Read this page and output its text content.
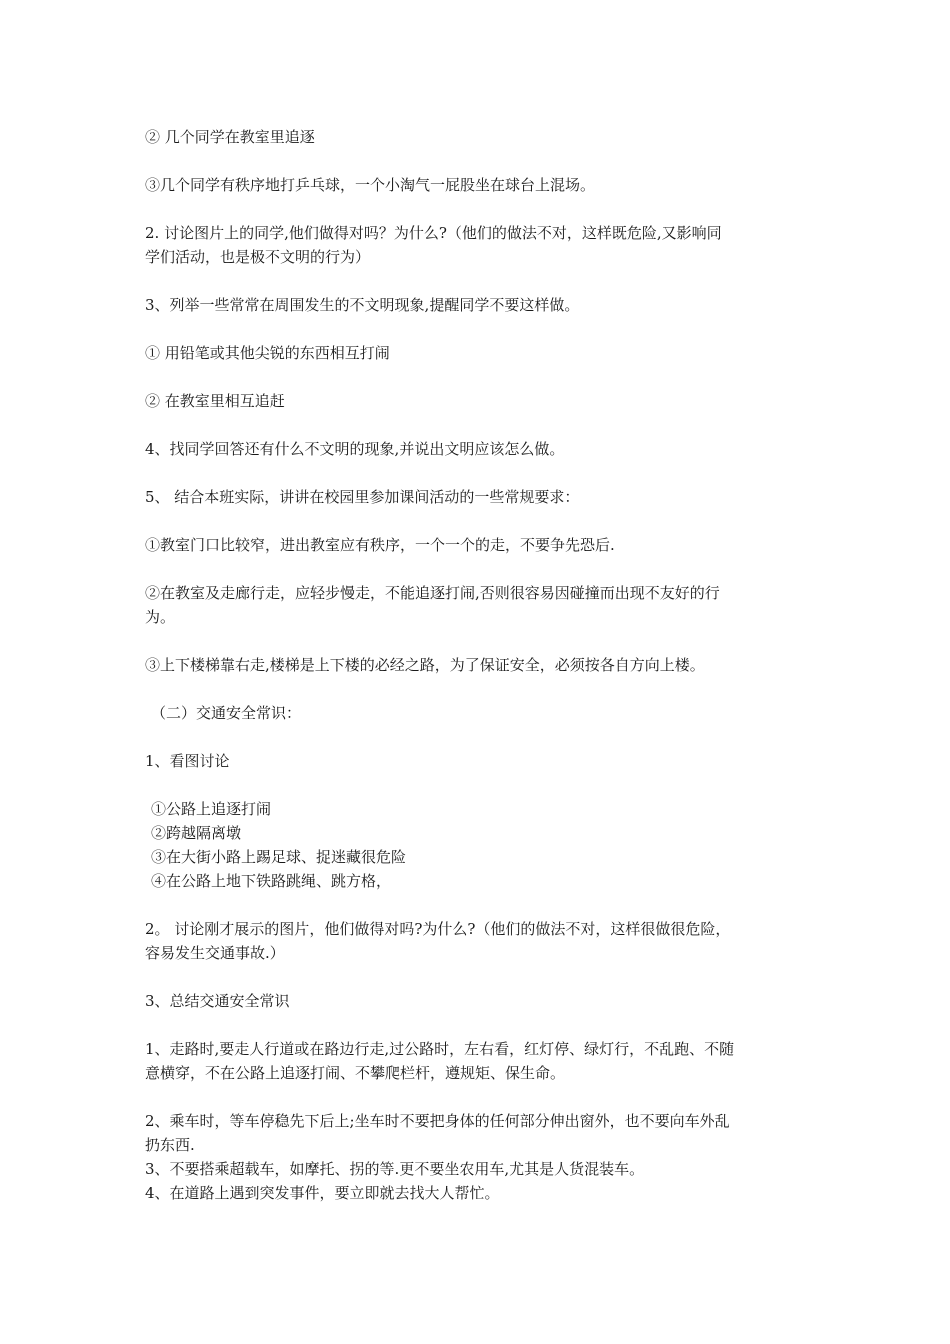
② 几个同学在教室里追逐
③几个同学有秩序地打乒乓球，一个小淘气一屁股坐在球台上混场。
2. 讨论图片上的同学,他们做得对吗？为什么?（他们的做法不对，这样既危险,又影响同
学们活动，也是极不文明的行为）
3、列举一些常常在周围发生的不文明现象,提醒同学不要这样做。
① 用铅笔或其他尖锐的东西相互打闹
② 在教室里相互追赶
4、找同学回答还有什么不文明的现象,并说出文明应该怎么做。
5、 结合本班实际，讲讲在校园里参加课间活动的一些常规要求：
①教室门口比较窄，进出教室应有秩序，一个一个的走，不要争先恐后.
②在教室及走廊行走，应轻步慢走，不能追逐打闹,否则很容易因碰撞而出现不友好的行
为。
③上下楼梯靠右走,楼梯是上下楼的必经之路，为了保证安全，必须按各自方向上楼。
（二）交通安全常识：
1、看图讨论
①公路上追逐打闹
②跨越隔离墩
③在大街小路上踢足球、捉迷藏很危险
④在公路上地下铁路跳绳、跳方格，
2。 讨论刚才展示的图片，他们做得对吗?为什么?（他们的做法不对，这样很做很危险，
容易发生交通事故.）
3、总结交通安全常识
1、走路时,要走人行道或在路边行走,过公路时，左右看，红灯停、绿灯行，不乱跑、不随
意横穿，不在公路上追逐打闹、不攀爬栏杆，遵规矩、保生命。
2、乘车时，等车停稳先下后上;坐车时不要把身体的任何部分伸出窗外，也不要向车外乱
扔东西.
3、不要搭乘超载车，如摩托、拐的等.更不要坐农用车,尤其是人货混装车。
4、在道路上遇到突发事件，要立即就去找大人帮忙。
